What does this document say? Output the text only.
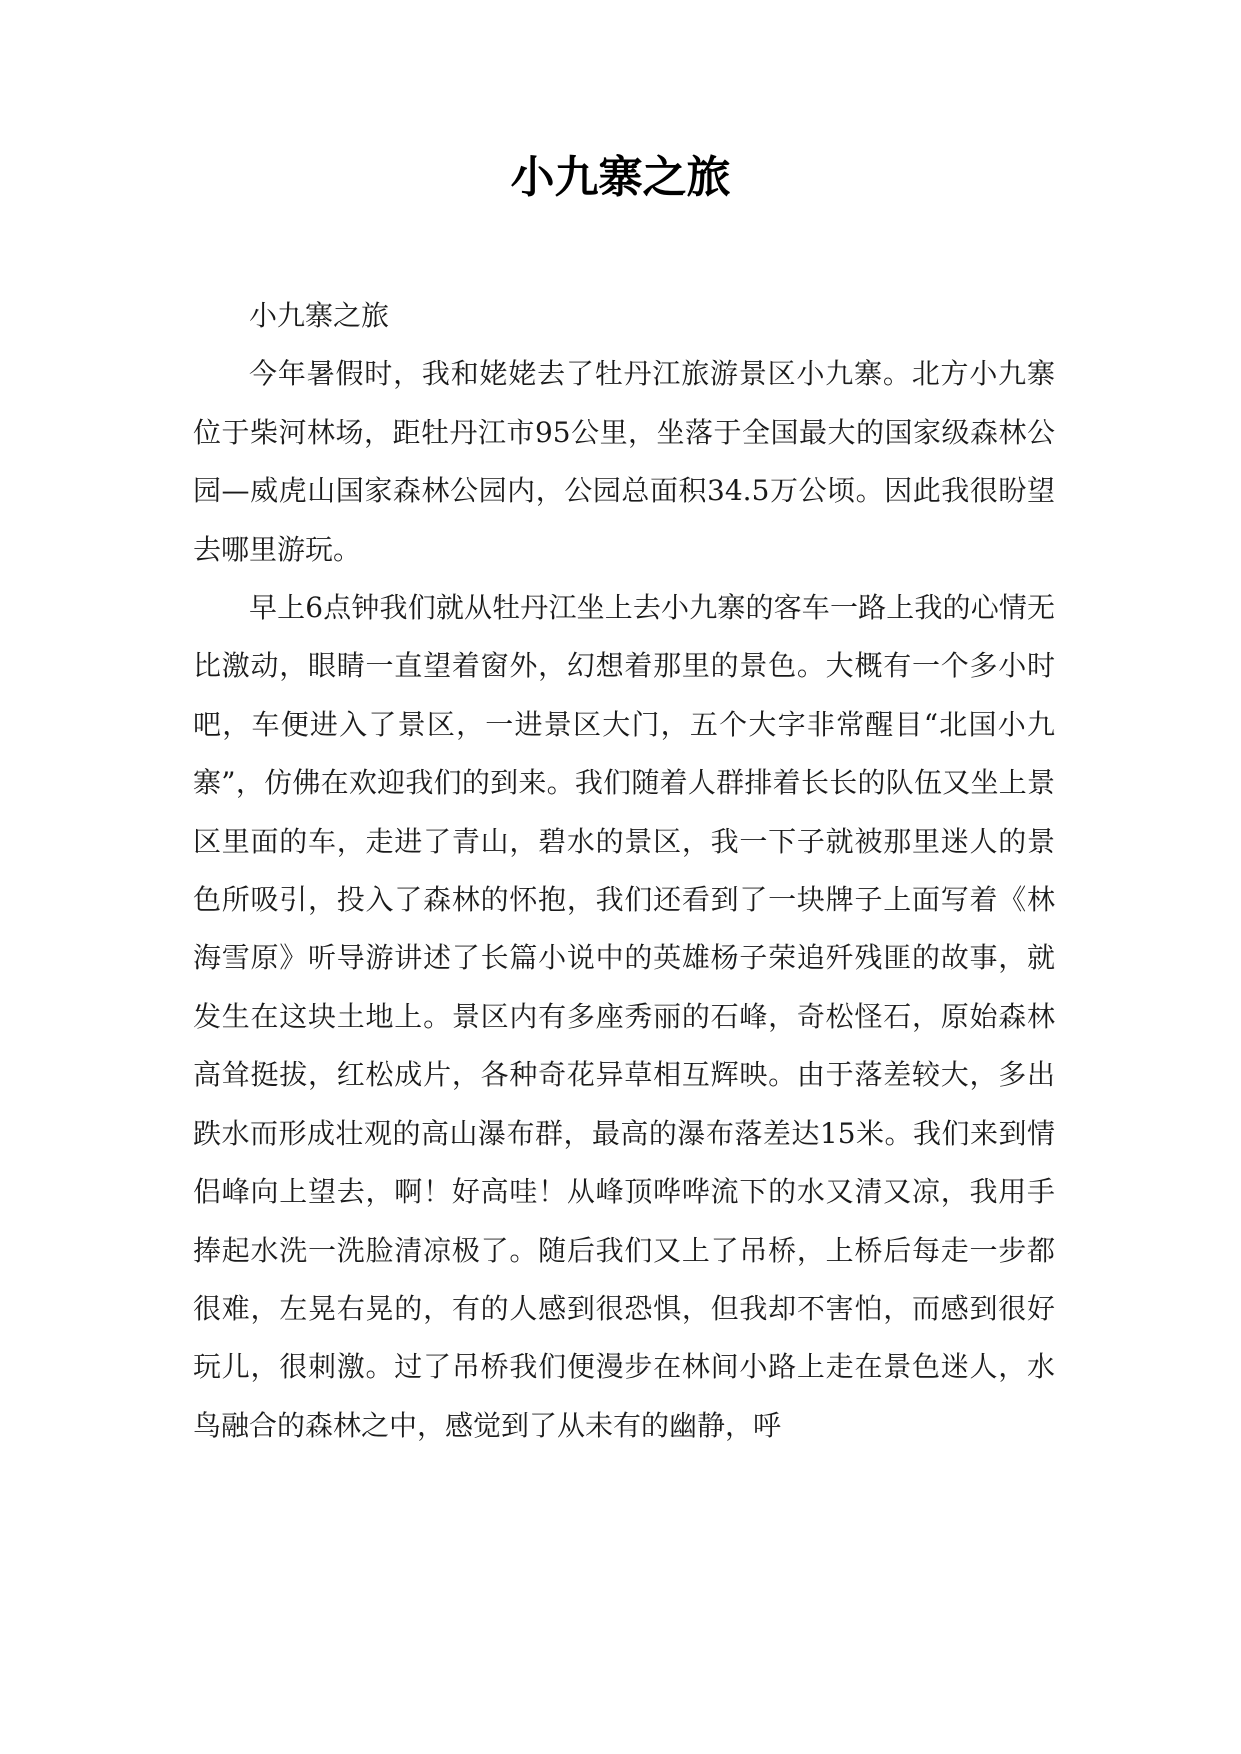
小九寨之旅

小九寨之旅

今年暑假时，我和姥姥去了牡丹江旅游景区小九寨。北方小九寨位于柴河林场，距牡丹江市95公里，坐落于全国最大的国家级森林公园—威虎山国家森林公园内，公园总面积34.5万公顷。因此我很盼望去哪里游玩。

早上6点钟我们就从牡丹江坐上去小九寨的客车一路上我的心情无比激动，眼睛一直望着窗外，幻想着那里的景色。大概有一个多小时吧，车便进入了景区，一进景区大门，五个大字非常醒目“北国小九寨”，仿佛在欢迎我们的到来。我们随着人群排着长长的队伍又坐上景区里面的车，走进了青山，碧水的景区，我一下子就被那里迷人的景色所吸引，投入了森林的怀抱，我们还看到了一块牌子上面写着《林海雪原》听导游讲述了长篇小说中的英雄杨子荣追歼残匪的故事，就发生在这块土地上。景区内有多座秀丽的石峰，奇松怪石，原始森林高耸挺拔，红松成片，各种奇花异草相互辉映。由于落差较大，多出跌水而形成壮观的高山瀑布群，最高的瀑布落差达15米。我们来到情侣峰向上望去，啊！好高哇！从峰顶哗哗流下的水又清又凉，我用手捧起水洗一洗脸清凉极了。随后我们又上了吊桥，上桥后每走一步都很难，左晃右晃的，有的人感到很恐惧，但我却不害怕，而感到很好玩儿，很刺激。过了吊桥我们便漫步在林间小路上走在景色迷人，水鸟融合的森林之中，感觉到了从未有的幽静，呼
